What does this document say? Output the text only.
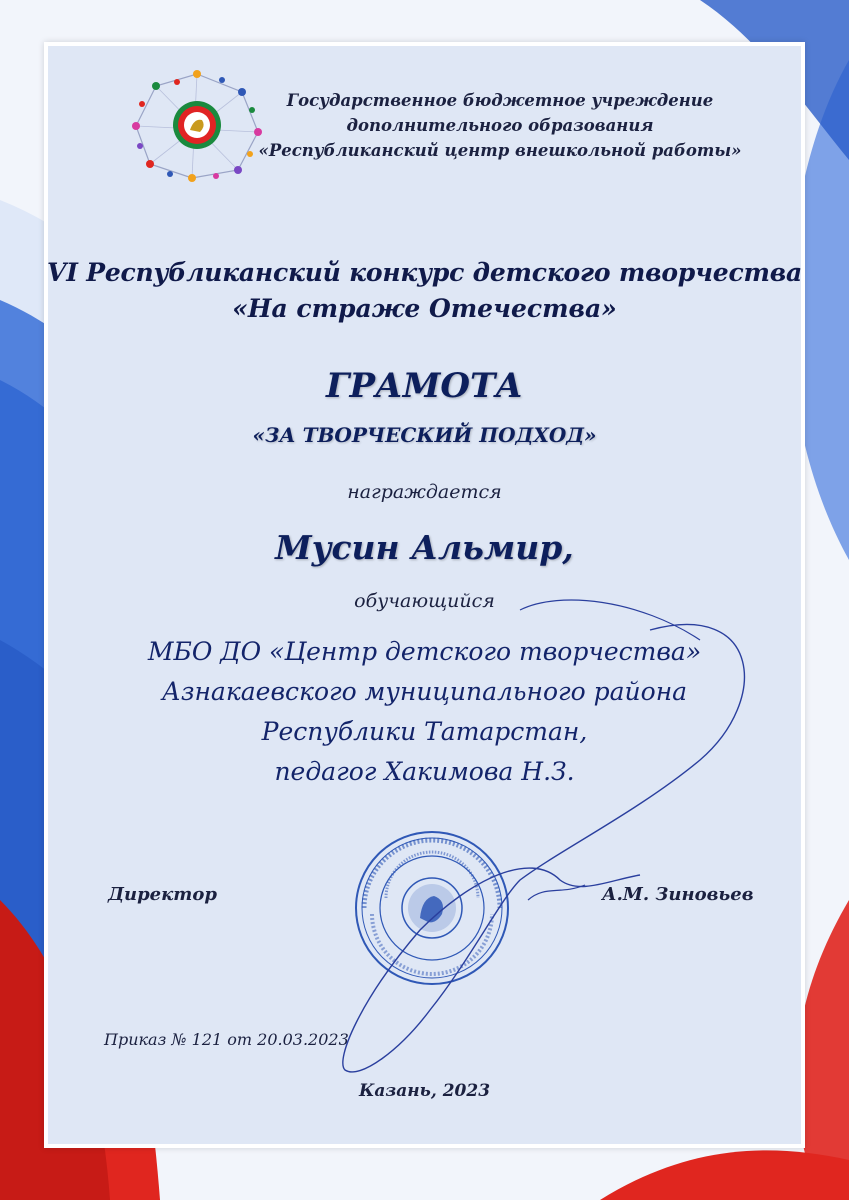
Государственное бюджетное учреждение
дополнительного образования
«Республиканский центр внешкольной работы»
VI Республиканский конкурс детского творчества
«На страже Отечества»
ГРАМОТА
«ЗА ТВОРЧЕСКИЙ ПОДХОД»
награждается
Мусин Альмир,
обучающийся
МБО ДО «Центр детского творчества»
Азнакаевского муниципального района
Республики Татарстан,
педагог Хакимова Н.З.
Директор	А.М. Зиновьев
Приказ № 121 от 20.03.2023
Казань, 2023
